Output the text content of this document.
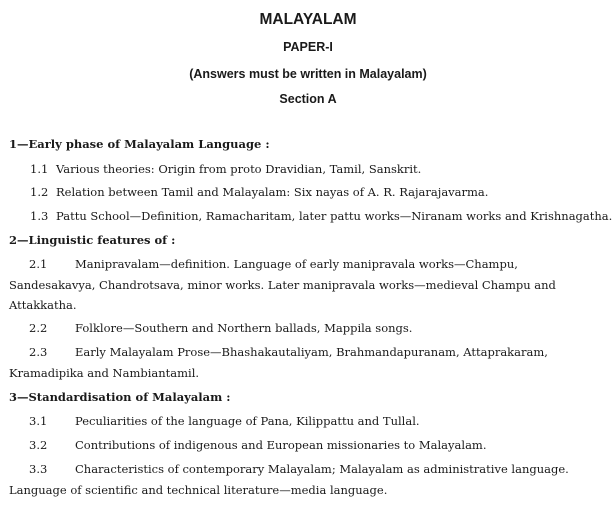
MALAYALAM
PAPER-I
(Answers must be written in Malayalam)
Section A
1—Early phase of Malayalam Language :
1.1 Various theories: Origin from proto Dravidian, Tamil, Sanskrit.
1.2 Relation between Tamil and Malayalam: Six nayas of A. R. Rajarajavarma.
1.3 Pattu School—Definition, Ramacharitam, later pattu works—Niranam works and Krishnagatha.
2—Linguistic features of :
2.1 Manipravalam—definition. Language of early manipravala works—Champu,
Sandesakavya, Chandrotsava, minor works. Later manipravala works—medieval Champu and
Attakkatha.
2.2 Folklore—Southern and Northern ballads, Mappila songs.
2.3 Early Malayalam Prose—Bhashakautaliyam, Brahmandapuranam, Attaprakaram,
Kramadipika and Nambiantamil.
3—Standardisation of Malayalam :
3.1 Peculiarities of the language of Pana, Kilippattu and Tullal.
3.2 Contributions of indigenous and European missionaries to Malayalam.
3.3 Characteristics of contemporary Malayalam; Malayalam as administrative language.
Language of scientific and technical literature—media language.
